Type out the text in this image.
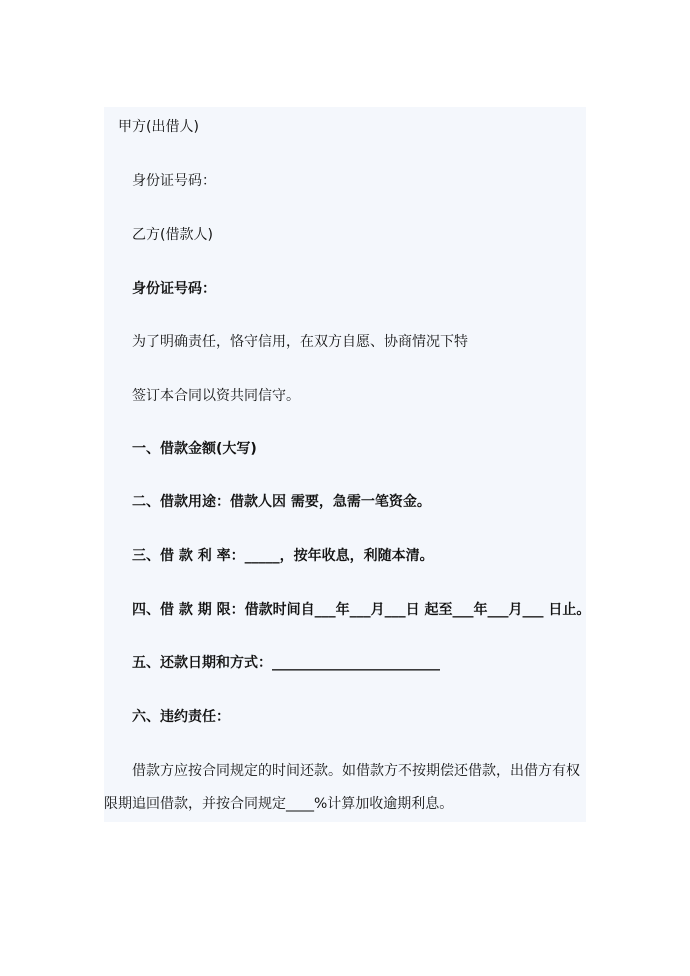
甲方(出借人)
身份证号码：
乙方(借款人)
身份证号码：
为了明确责任，恪守信用，在双方自愿、协商情况下特
签订本合同以资共同信守。
一、借款金额(大写)
二、借款用途：借款人因 需要，急需一笔资金。
三、借 款 利 率：_____，按年收息，利随本清。
四、借 款 期 限：借款时间自___年___月___日 起至___年___月___ 日止。
五、还款日期和方式：________________________
六、违约责任：
借款方应按合同规定的时间还款。如借款方不按期偿还借款，出借方有权
限期追回借款，并按合同规定____%计算加收逾期利息。
